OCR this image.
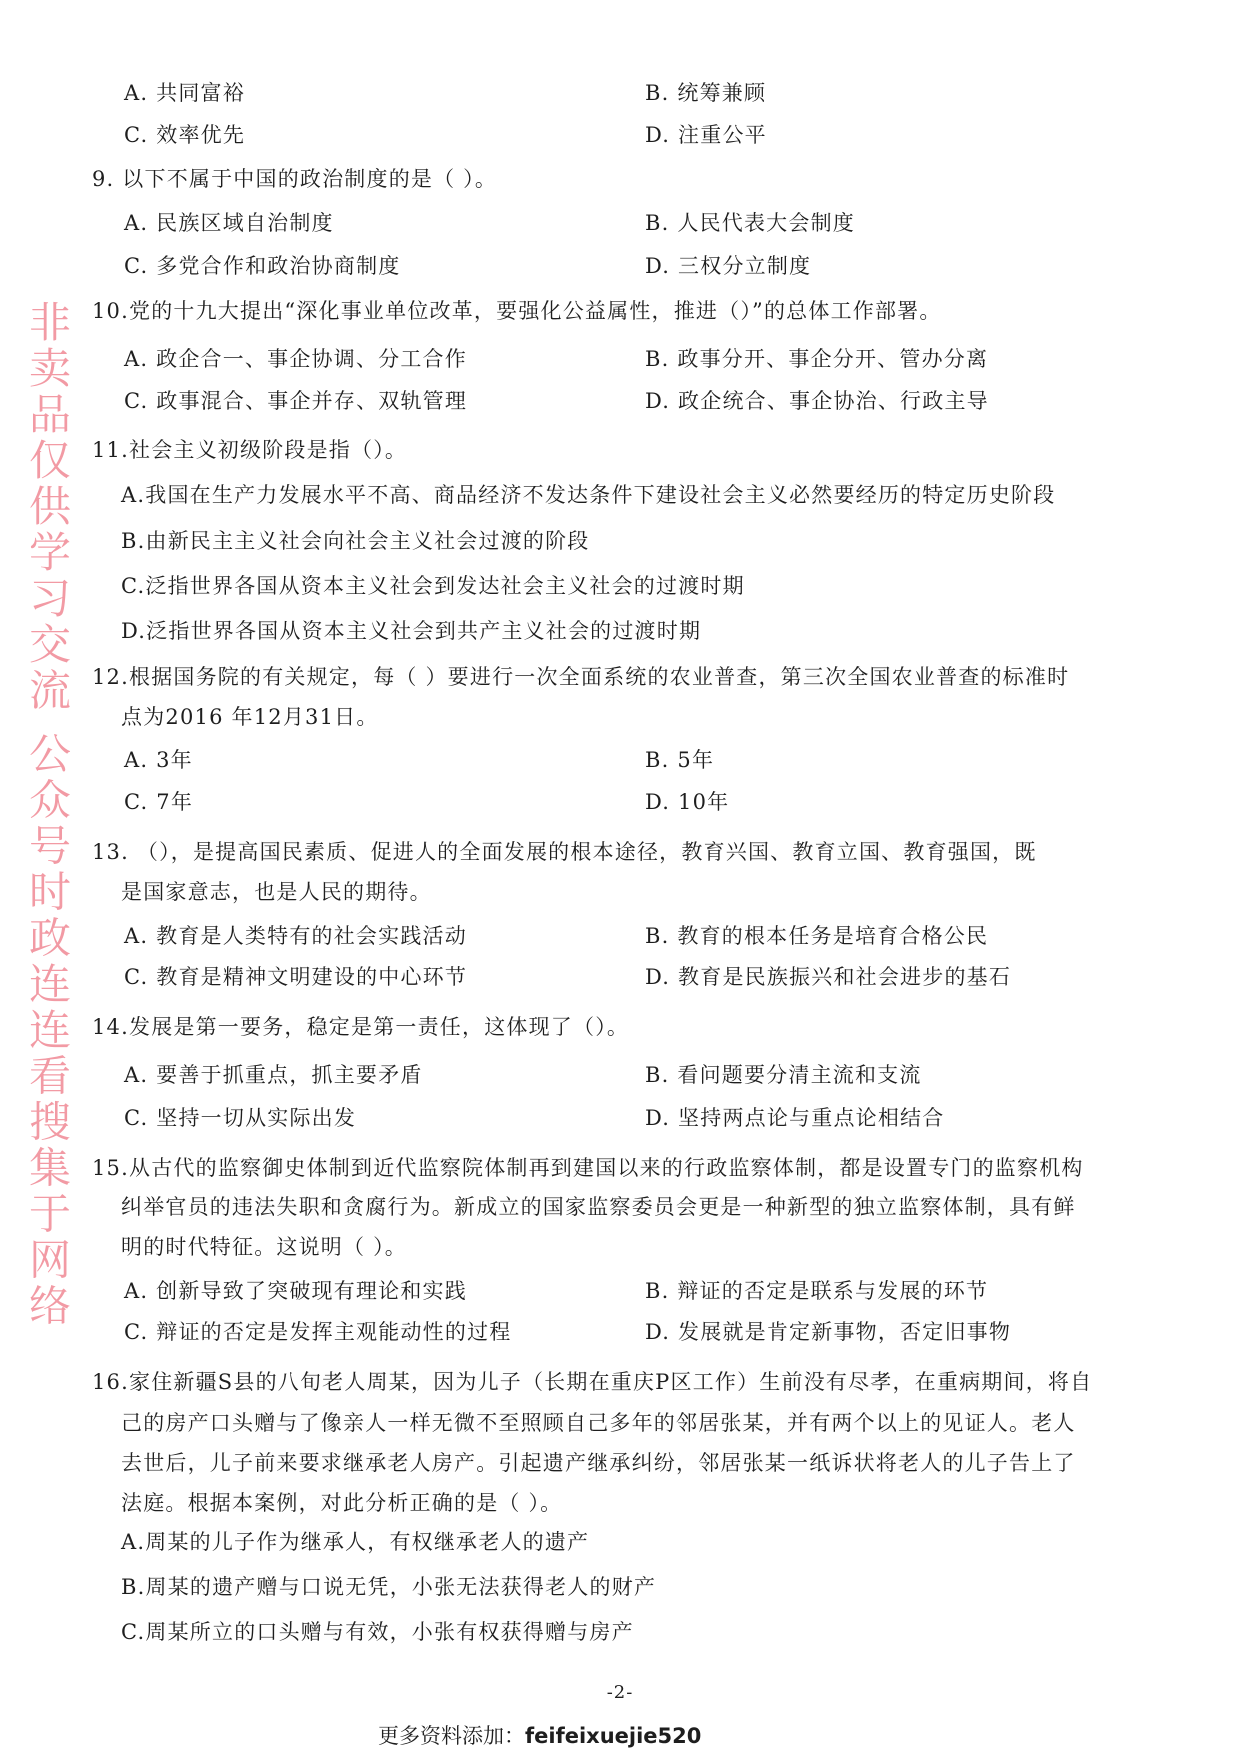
非卖品仅供学习交流 公众号时政连连看搜集于网络
A. 共同富裕	B. 统筹兼顾
C. 效率优先	D. 注重公平
9. 以下不属于中国的政治制度的是（ ）。
A. 民族区域自治制度	B. 人民代表大会制度
C. 多党合作和政治协商制度	D. 三权分立制度
10.党的十九大提出“深化事业单位改革，要强化公益属性，推进（）”的总体工作部署。
A. 政企合一、事企协调、分工合作	B. 政事分开、事企分开、管办分离
C. 政事混合、事企并存、双轨管理	D. 政企统合、事企协治、行政主导
11.社会主义初级阶段是指（）。
A.我国在生产力发展水平不高、商品经济不发达条件下建设社会主义必然要经历的特定历史阶段
B.由新民主主义社会向社会主义社会过渡的阶段
C.泛指世界各国从资本主义社会到发达社会主义社会的过渡时期
D.泛指世界各国从资本主义社会到共产主义社会的过渡时期
12.根据国务院的有关规定，每（ ）要进行一次全面系统的农业普查，第三次全国农业普查的标准时
点为2016 年12月31日。
A. 3年	B. 5年
C. 7年	D. 10年
13. （），是提高国民素质、促进人的全面发展的根本途径，教育兴国、教育立国、教育强国，既
是国家意志，也是人民的期待。
A. 教育是人类特有的社会实践活动	B. 教育的根本任务是培育合格公民
C. 教育是精神文明建设的中心环节	D. 教育是民族振兴和社会进步的基石
14.发展是第一要务，稳定是第一责任，这体现了（）。
A. 要善于抓重点，抓主要矛盾	B. 看问题要分清主流和支流
C. 坚持一切从实际出发	D. 坚持两点论与重点论相结合
15.从古代的监察御史体制到近代监察院体制再到建国以来的行政监察体制，都是设置专门的监察机构
纠举官员的违法失职和贪腐行为。新成立的国家监察委员会更是一种新型的独立监察体制，具有鲜
明的时代特征。这说明（ ）。
A. 创新导致了突破现有理论和实践	B. 辩证的否定是联系与发展的环节
C. 辩证的否定是发挥主观能动性的过程	D. 发展就是肯定新事物，否定旧事物
16.家住新疆S县的八旬老人周某，因为儿子（长期在重庆P区工作）生前没有尽孝，在重病期间，将自
己的房产口头赠与了像亲人一样无微不至照顾自己多年的邻居张某，并有两个以上的见证人。老人
去世后，儿子前来要求继承老人房产。引起遗产继承纠纷，邻居张某一纸诉状将老人的儿子告上了
法庭。根据本案例，对此分析正确的是（ ）。
A.周某的儿子作为继承人，有权继承老人的遗产
B.周某的遗产赠与口说无凭，小张无法获得老人的财产
C.周某所立的口头赠与有效，小张有权获得赠与房产
-2-
更多资料添加：feifeixuejie520
